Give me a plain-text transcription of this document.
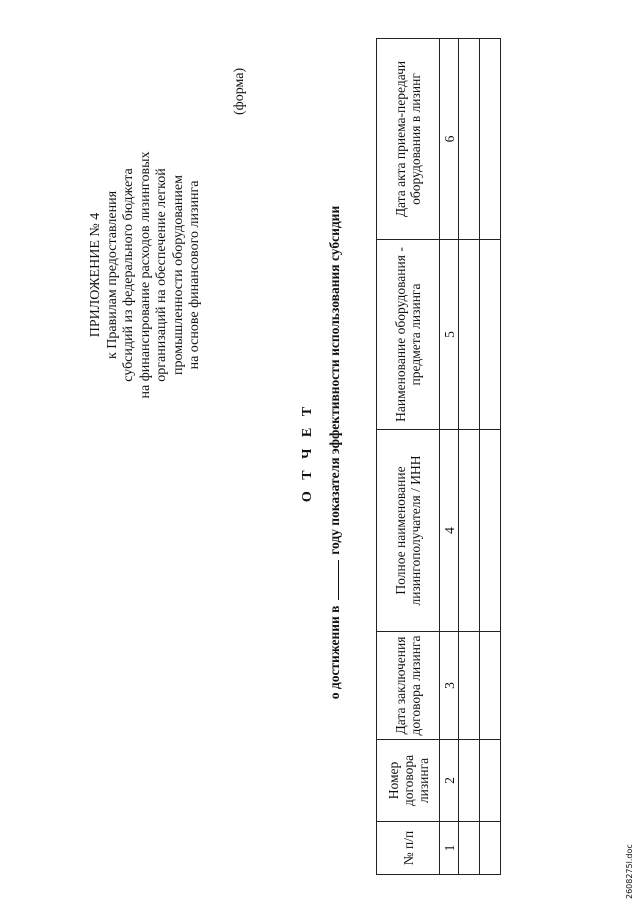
ПРИЛОЖЕНИЕ № 4 к Правилам предоставления субсидий из федерального бюджета на финансирование расходов лизинговых организаций на обеспечение легкой промышленности оборудованием на основе финансового лизинга
(форма)
О Т Ч Е Т
о достижении в  году показателя эффективности использования субсидии
№ п/п	Номер договора лизинга	Дата заключения договора лизинга	Полное наименование лизингополучателя / ИНН	Наименование оборудования - предмета лизинга	Дата акта приема-передачи оборудования в лизинг
1	2	3	4	5	6

2608275l.doc
